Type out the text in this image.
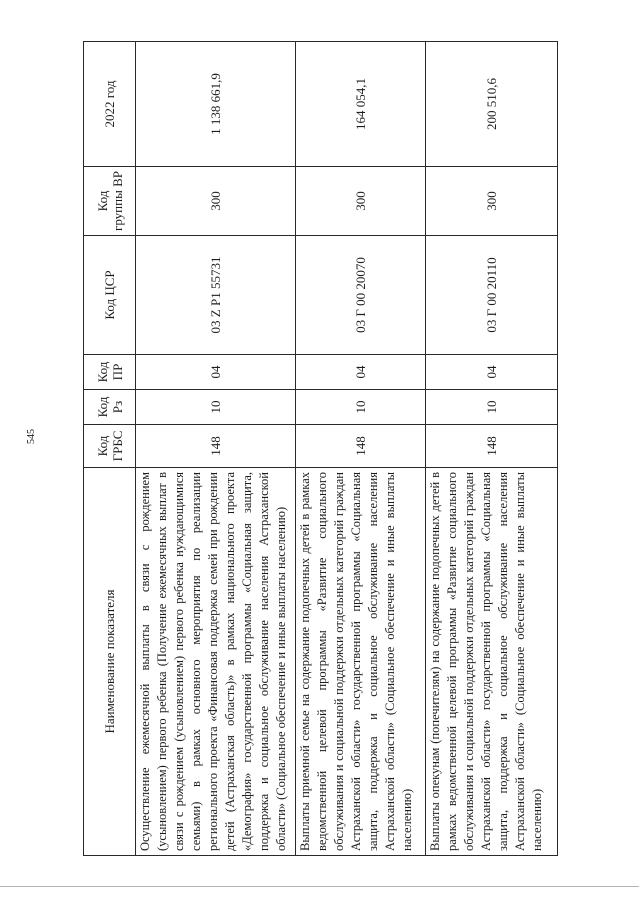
545
Наименование показателя	Код ГРБС	Код Рз	Код ПР	Код ЦСР	Код группы ВР	2022 год
Осуществление ежемесячной выплаты в связи с рождением (усыновлением) первого ребенка (Получение ежемесячных выплат в связи с рождением (усыновлением) первого ребенка нуждающимися семьями) в рамках основного мероприятия по реализации регионального проекта «Финансовая поддержка семей при рождении детей (Астраханская область)» в рамках национального проекта «Демография» государственной программы «Социальная защита, поддержка и социальное обслуживание населения Астраханской области» (Социальное обеспечение и иные выплаты населению)	148	10	04	03 Z P1 55731	300	1 138 661,9
Выплаты приемной семье на содержание подопечных детей в рамках ведомственной целевой программы «Развитие социального обслуживания и социальной поддержки отдельных категорий граждан Астраханской области» государственной программы «Социальная защита, поддержка и социальное обслуживание населения Астраханской области» (Социальное обеспечение и иные выплаты населению)	148	10	04	03 Г 00 20070	300	164 054,1
Выплаты опекунам (попечителям) на содержание подопечных детей в рамках ведомственной целевой программы «Развитие социального обслуживания и социальной поддержки отдельных категорий граждан Астраханской области» государственной программы «Социальная защита, поддержка и социальное обслуживание населения Астраханской области» (Социальное обеспечение и иные выплаты населению)	148	10	04	03 Г 00 20110	300	200 510,6
